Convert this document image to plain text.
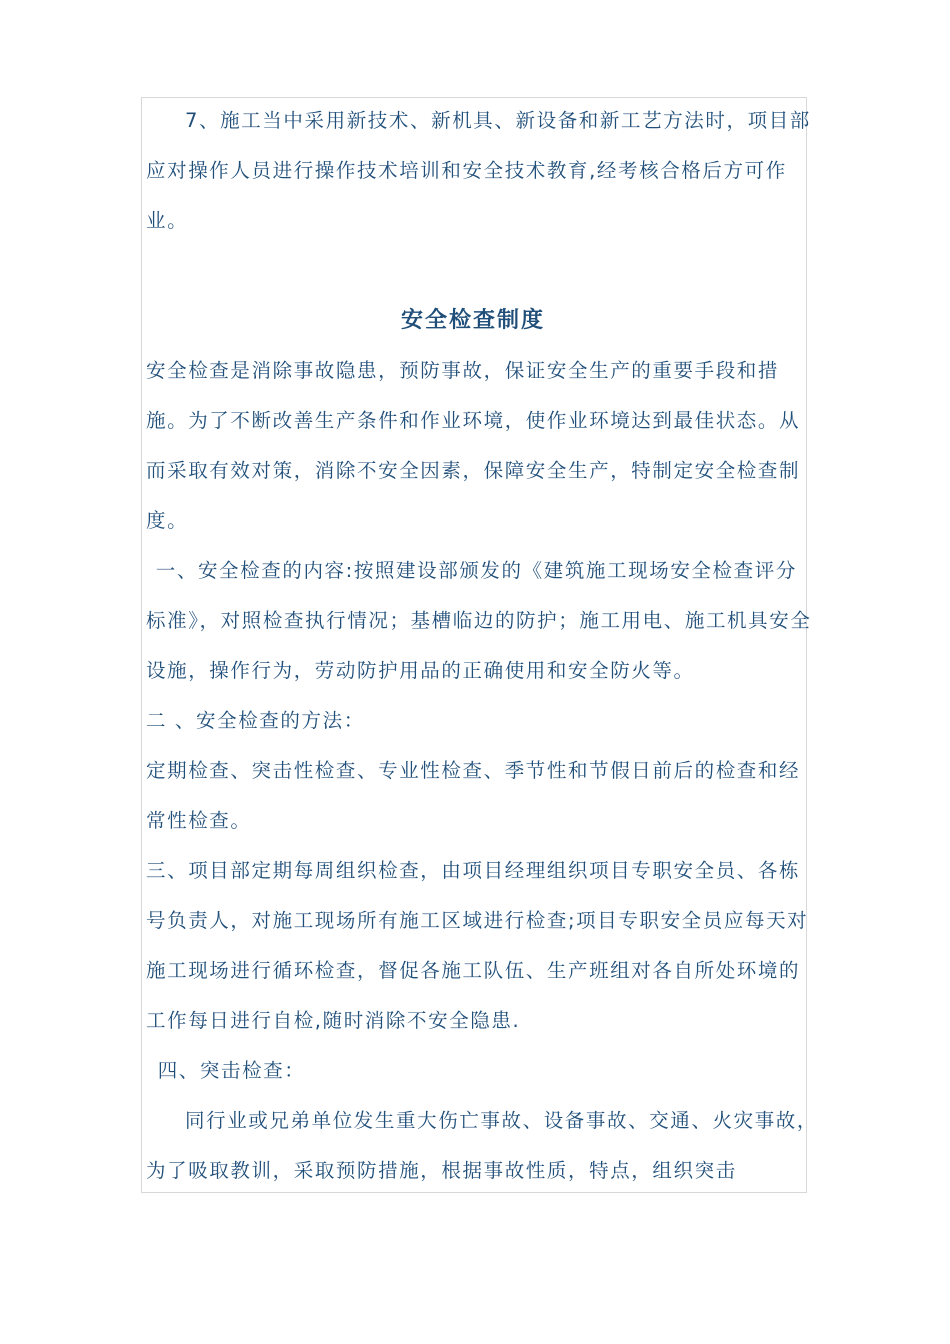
7、施工当中采用新技术、新机具、新设备和新工艺方法时，项目部应对操作人员进行操作技术培训和安全技术教育,经考核合格后方可作业。

安全检查制度

安全检查是消除事故隐患，预防事故，保证安全生产的重要手段和措施。为了不断改善生产条件和作业环境，使作业环境达到最佳状态。从而采取有效对策，消除不安全因素，保障安全生产，特制定安全检查制度。

一、安全检查的内容:按照建设部颁发的《建筑施工现场安全检查评分标准》，对照检查执行情况；基槽临边的防护；施工用电、施工机具安全设施，操作行为，劳动防护用品的正确使用和安全防火等。

二 、安全检查的方法：

定期检查、突击性检查、专业性检查、季节性和节假日前后的检查和经常性检查。

三、项目部定期每周组织检查，由项目经理组织项目专职安全员、各栋号负责人，对施工现场所有施工区域进行检查;项目专职安全员应每天对施工现场进行循环检查，督促各施工队伍、生产班组对各自所处环境的工作每日进行自检,随时消除不安全隐患.

四、突击检查：

同行业或兄弟单位发生重大伤亡事故、设备事故、交通、火灾事故，为了吸取教训，采取预防措施，根据事故性质，特点，组织突击
